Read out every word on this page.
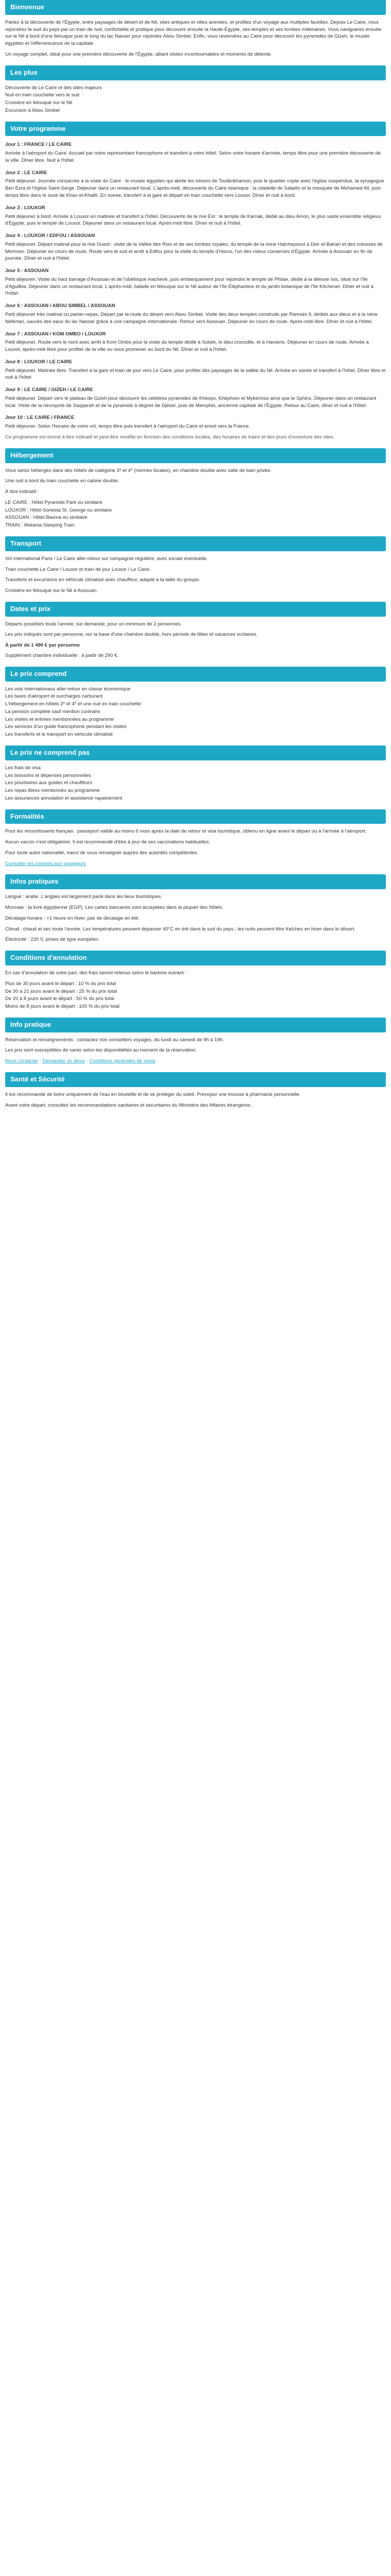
Bienvenue

Partez à la découverte de l'Égypte, entre paysages de désert et de Nil, sites antiques et villes animées, et profitez d'un voyage aux multiples facettes. Depuis Le Caire, vous rejoindrez le sud du pays par un train de nuit, confortable et pratique pour découvrir ensuite la Haute-Égypte, ses temples et ses tombes millénaires. Vous naviguerez ensuite sur le Nil à bord d'une felouque puis le long du lac Nasser pour rejoindre Abou Simbel. Enfin, vous reviendrez au Caire pour découvrir les pyramides de Gizeh, le musée égyptien et l'effervescence de la capitale.

Un voyage complet, idéal pour une première découverte de l'Égypte, alliant visites incontournables et moments de détente.

Les plus
Découverte de Le Caire et des sites majeurs
Nuit en train couchette vers le sud
Croisière en felouque sur le Nil
Excursion à Abou Simbel
Votre programme
Jour 1 : FRANCE / LE CAIRE

Arrivée à l'aéroport du Caire. Accueil par notre représentant francophone et transfert à votre hôtel. Selon votre horaire d'arrivée, temps libre pour une première découverte de la ville. Dîner libre. Nuit à l'hôtel.

Jour 2 : LE CAIRE

Petit déjeuner. Journée consacrée à la visite du Caire : le musée égyptien qui abrite les trésors de Toutânkhamon, puis le quartier copte avec l'église suspendue, la synagogue Ben Ezra et l'église Saint-Serge. Déjeuner dans un restaurant local. L'après-midi, découverte du Caire islamique : la citadelle de Saladin et la mosquée de Mohamed Ali, puis temps libre dans le souk de Khan el-Khalili. En soirée, transfert à la gare et départ en train couchette vers Louxor. Dîner et nuit à bord.

Jour 3 : LOUXOR

Petit déjeuner à bord. Arrivée à Louxor en matinée et transfert à l'hôtel. Découverte de la rive Est : le temple de Karnak, dédié au dieu Amon, le plus vaste ensemble religieux d'Égypte, puis le temple de Louxor. Déjeuner dans un restaurant local. Après-midi libre. Dîner et nuit à l'hôtel.

Jour 4 : LOUXOR / EDFOU / ASSOUAN

Petit déjeuner. Départ matinal pour la rive Ouest : visite de la Vallée des Rois et de ses tombes royales, du temple de la reine Hatchepsout à Deir el-Bahari et des colosses de Memnon. Déjeuner en cours de route. Route vers le sud et arrêt à Edfou pour la visite du temple d'Horus, l'un des mieux conservés d'Égypte. Arrivée à Assouan en fin de journée. Dîner et nuit à l'hôtel.

Jour 5 : ASSOUAN

Petit déjeuner. Visite du haut barrage d'Assouan et de l'obélisque inachevé, puis embarquement pour rejoindre le temple de Philae, dédié à la déesse Isis, situé sur l'île d'Aguilkia. Déjeuner dans un restaurant local. L'après-midi, balade en felouque sur le Nil autour de l'île Éléphantine et du jardin botanique de l'île Kitchener. Dîner et nuit à l'hôtel.

Jour 6 : ASSOUAN / ABOU SIMBEL / ASSOUAN

Petit déjeuner très matinal ou panier-repas. Départ par la route du désert vers Abou Simbel. Visite des deux temples construits par Ramsès II, dédiés aux dieux et à la reine Néfertari, sauvés des eaux du lac Nasser grâce à une campagne internationale. Retour vers Assouan. Déjeuner en cours de route. Après-midi libre. Dîner et nuit à l'hôtel.

Jour 7 : ASSOUAN / KOM OMBO / LOUXOR

Petit déjeuner. Route vers le nord avec arrêt à Kom Ombo pour la visite du temple dédié à Sobek, le dieu crocodile, et à Haroeris. Déjeuner en cours de route. Arrivée à Louxor, après-midi libre pour profiter de la ville ou vous promener au bord du Nil. Dîner et nuit à l'hôtel.

Jour 8 : LOUXOR / LE CAIRE

Petit déjeuner. Matinée libre. Transfert à la gare et train de jour vers Le Caire, pour profiter des paysages de la vallée du Nil. Arrivée en soirée et transfert à l'hôtel. Dîner libre et nuit à l'hôtel.

Jour 9 : LE CAIRE / GIZEH / LE CAIRE

Petit déjeuner. Départ vers le plateau de Gizeh pour découvrir les célèbres pyramides de Khéops, Khéphren et Mykérinos ainsi que le Sphinx. Déjeuner dans un restaurant local. Visite de la nécropole de Saqqarah et de la pyramide à degrés de Djéser, puis de Memphis, ancienne capitale de l'Égypte. Retour au Caire, dîner et nuit à l'hôtel.

Jour 10 : LE CAIRE / FRANCE

Petit déjeuner. Selon l'horaire de votre vol, temps libre puis transfert à l'aéroport du Caire et envol vers la France.

Ce programme est donné à titre indicatif et peut être modifié en fonction des conditions locales, des horaires de trains et des jours d'ouverture des sites.

Hébergement

Vous serez hébergés dans des hôtels de catégorie 3* et 4* (normes locales), en chambre double avec salle de bain privée.

Une nuit à bord du train couchette en cabine double.

À titre indicatif :

LE CAIRE : Hôtel Pyramids Park ou similaire
LOUXOR : Hôtel Sonesta St. George ou similaire
ASSOUAN : Hôtel Basma ou similaire
TRAIN : Watania Sleeping Train
Transport

Vol international Paris / Le Caire aller-retour sur compagnie régulière, avec escale éventuelle.

Train couchette Le Caire / Louxor et train de jour Louxor / Le Caire.

Transferts et excursions en véhicule climatisé avec chauffeur, adapté à la taille du groupe.

Croisière en felouque sur le Nil à Assouan.

Dates et prix

Départs possibles toute l'année, sur demande, pour un minimum de 2 personnes.

Les prix indiqués sont par personne, sur la base d'une chambre double, hors période de fêtes et vacances scolaires.

À partir de 1 490 € par personne

Supplément chambre individuelle : à partir de 290 €.

Le prix comprend
Les vols internationaux aller-retour en classe économique
Les taxes d'aéroport et surcharges carburant
L'hébergement en hôtels 3* et 4* et une nuit en train couchette
La pension complète sauf mention contraire
Les visites et entrées mentionnées au programme
Les services d'un guide francophone pendant les visites
Les transferts et le transport en véhicule climatisé
Le prix ne comprend pas
Les frais de visa
Les boissons et dépenses personnelles
Les pourboires aux guides et chauffeurs
Les repas libres mentionnés au programme
Les assurances annulation et assistance rapatriement
Formalités

Pour les ressortissants français : passeport valide au moins 6 mois après la date de retour et visa touristique, obtenu en ligne avant le départ ou à l'arrivée à l'aéroport.

Aucun vaccin n'est obligatoire. Il est recommandé d'être à jour de ses vaccinations habituelles.

Pour toute autre nationalité, merci de vous renseigner auprès des autorités compétentes.

Consulter les conseils aux voyageurs

Infos pratiques

Langue : arabe. L'anglais est largement parlé dans les lieux touristiques.

Monnaie : la livre égyptienne (EGP). Les cartes bancaires sont acceptées dans la plupart des hôtels.

Décalage horaire : +1 heure en hiver, pas de décalage en été.

Climat : chaud et sec toute l'année. Les températures peuvent dépasser 40°C en été dans le sud du pays ; les nuits peuvent être fraîches en hiver dans le désert.

Électricité : 220 V, prises de type européen.

Conditions d'annulation

En cas d'annulation de votre part, des frais seront retenus selon le barème suivant :

Plus de 30 jours avant le départ : 10 % du prix total
De 30 à 21 jours avant le départ : 25 % du prix total
De 20 à 8 jours avant le départ : 50 % du prix total
Moins de 8 jours avant le départ : 100 % du prix total
Info pratique

Réservation et renseignements : contactez nos conseillers voyages, du lundi au samedi de 9h à 19h.

Les prix sont susceptibles de varier selon les disponibilités au moment de la réservation.

Nous contacter · Demander un devis · Conditions générales de vente

Santé et Sécurité

Il est recommandé de boire uniquement de l'eau en bouteille et de se protéger du soleil. Prévoyez une trousse à pharmacie personnelle.

Avant votre départ, consultez les recommandations sanitaires et sécuritaires du Ministère des Affaires étrangères.
